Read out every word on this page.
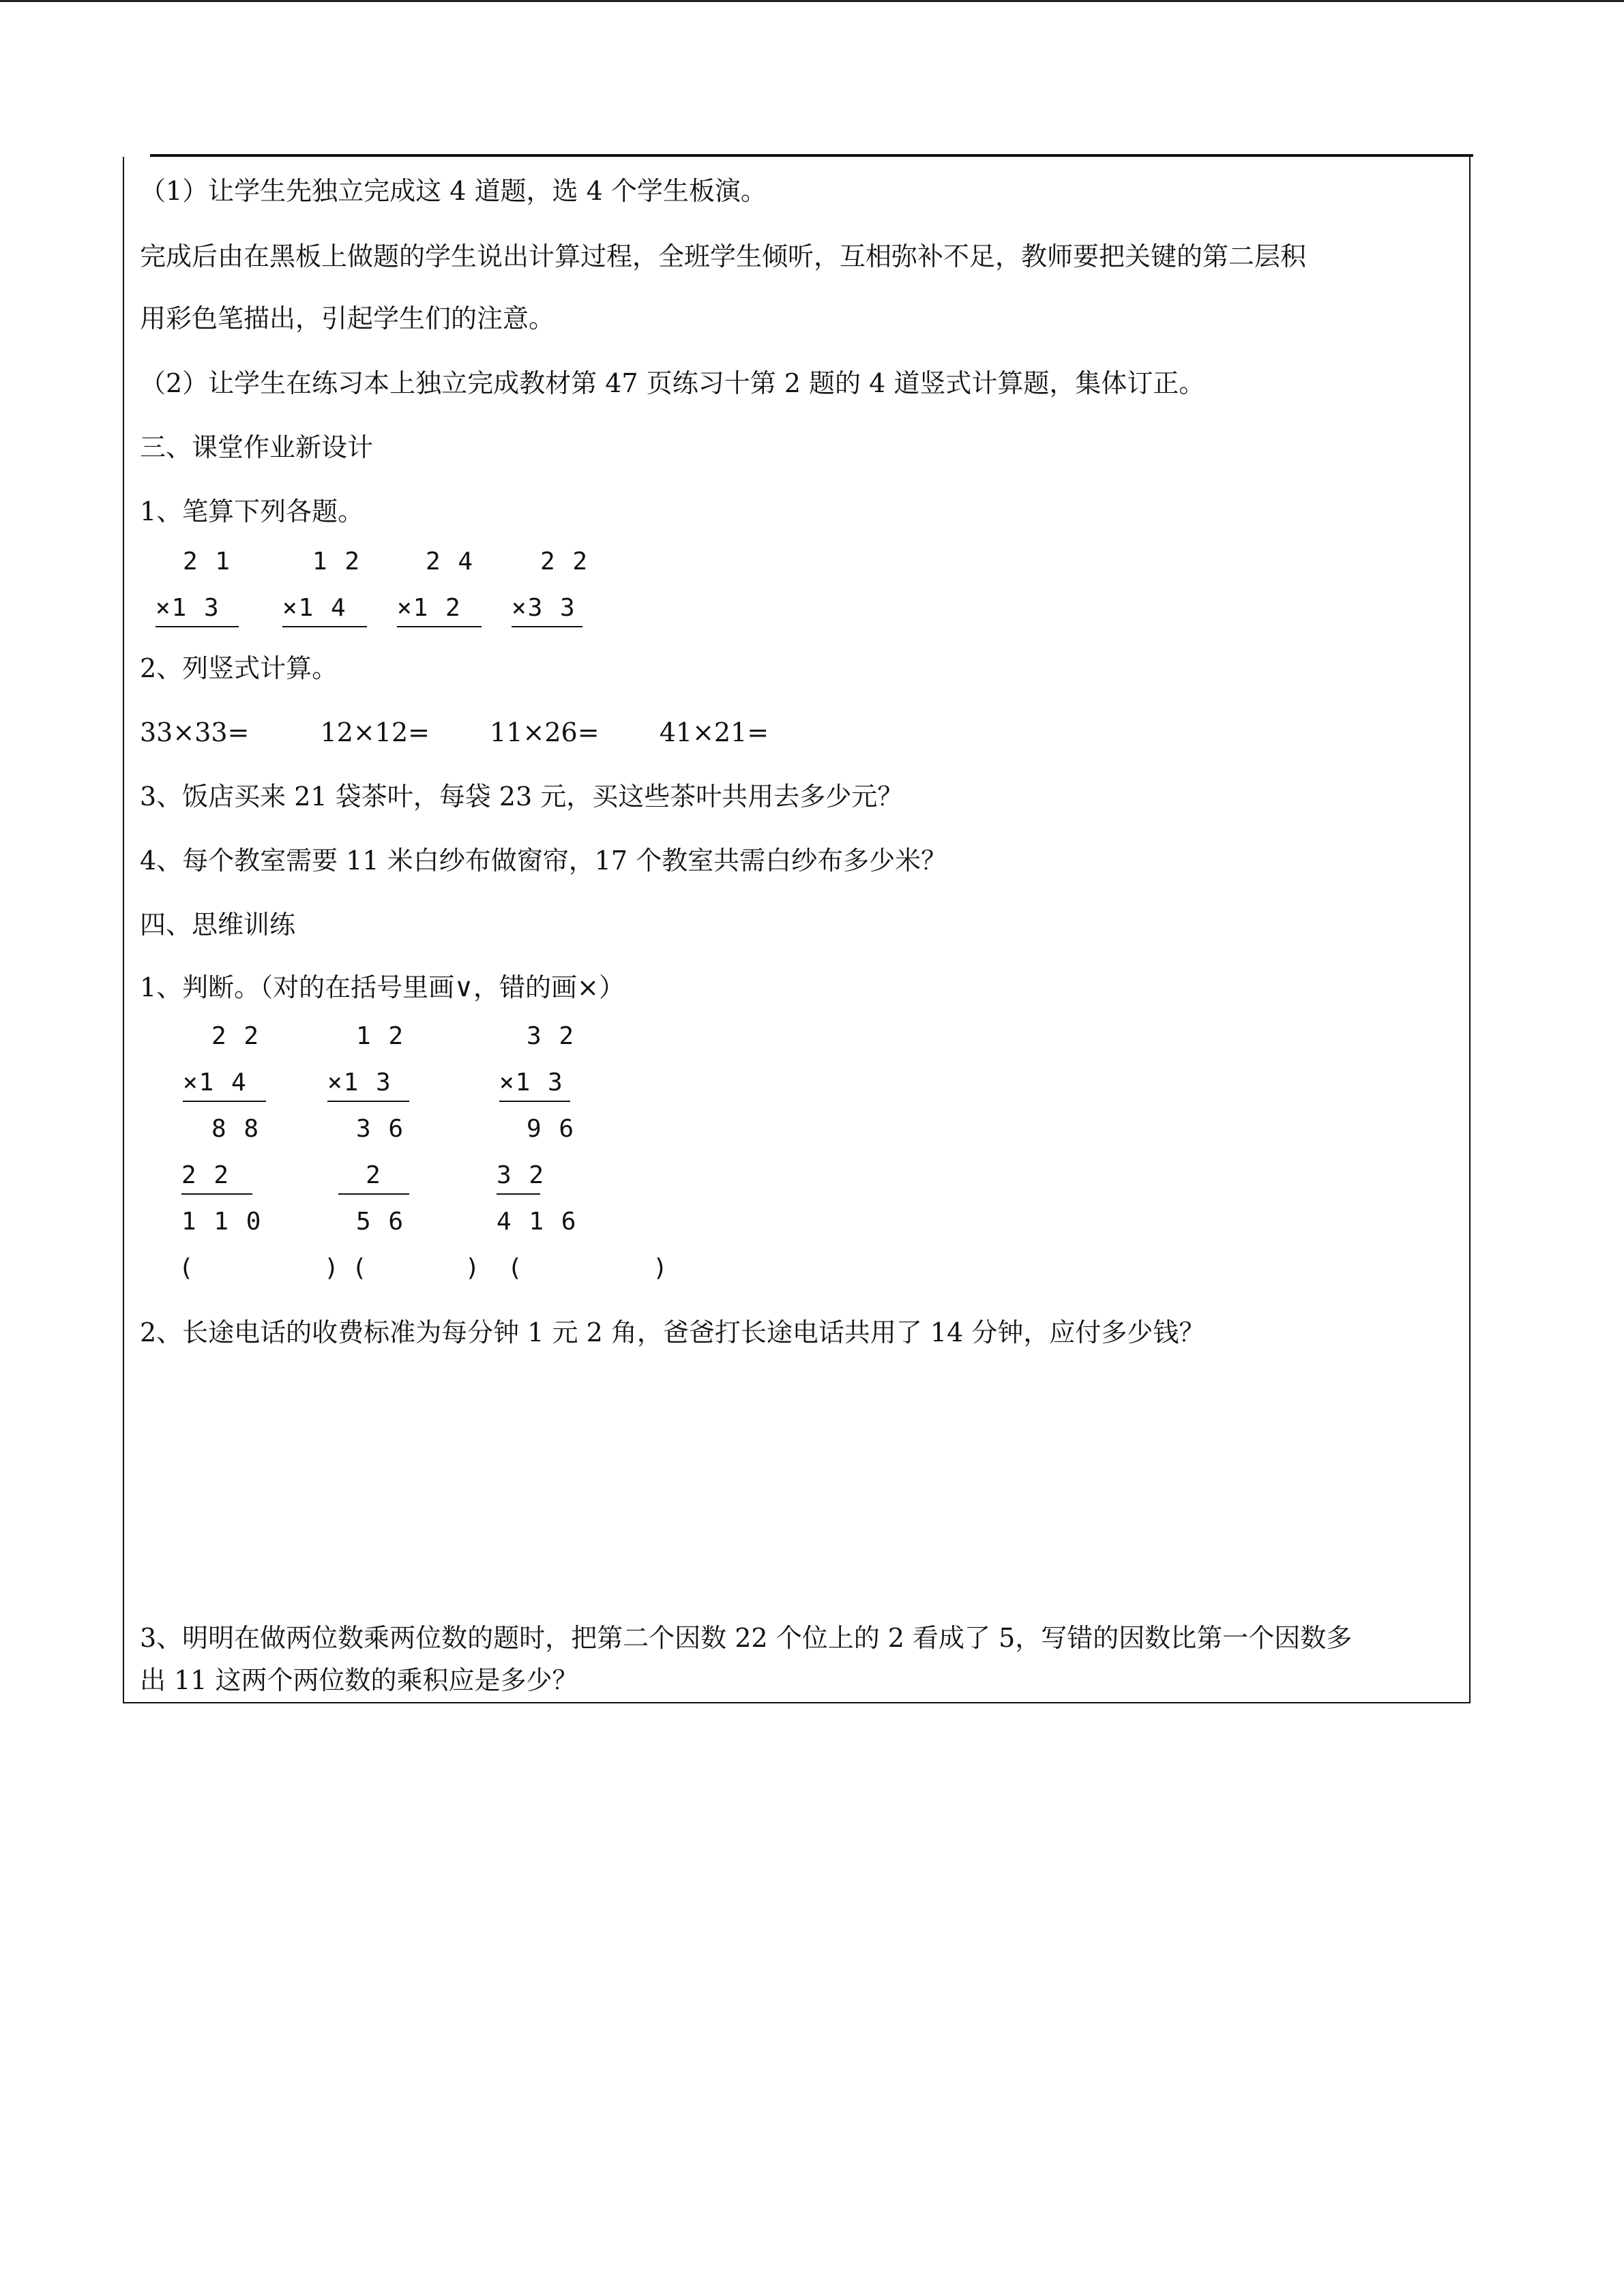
（1）让学生先独立完成这 4 道题，选 4 个学生板演。
完成后由在黑板上做题的学生说出计算过程，全班学生倾听，互相弥补不足，教师要把关键的第二层积
用彩色笔描出，引起学生们的注意。
（2）让学生在练习本上独立完成教材第 47 页练习十第 2 题的 4 道竖式计算题，集体订正。
三、课堂作业新设计
1、笔算下列各题。
2 1
×1 3
1 2
×1 4
2 4
×1 2
2 2
×3 3
2、列竖式计算。
33×33=	12×12= 11×26= 41×21=
3、饭店买来 21 袋茶叶，每袋 23 元，买这些茶叶共用去多少元？
4、每个教室需要 11 米白纱布做窗帘，17 个教室共需白纱布多少米？
四、思维训练
1、判断。（对的在括号里画∨，错的画×）
2 2
×1 4
8 8
2 2
1 1 0
(        )
1 2
×1 3
3 6
2
5 6
(      )
3 2
×1 3
9 6
3 2
4 1 6
(        )
2、长途电话的收费标准为每分钟 1 元 2 角，爸爸打长途电话共用了 14 分钟，应付多少钱？
3、明明在做两位数乘两位数的题时，把第二个因数 22 个位上的 2 看成了 5，写错的因数比第一个因数多
出 11 这两个两位数的乘积应是多少？
